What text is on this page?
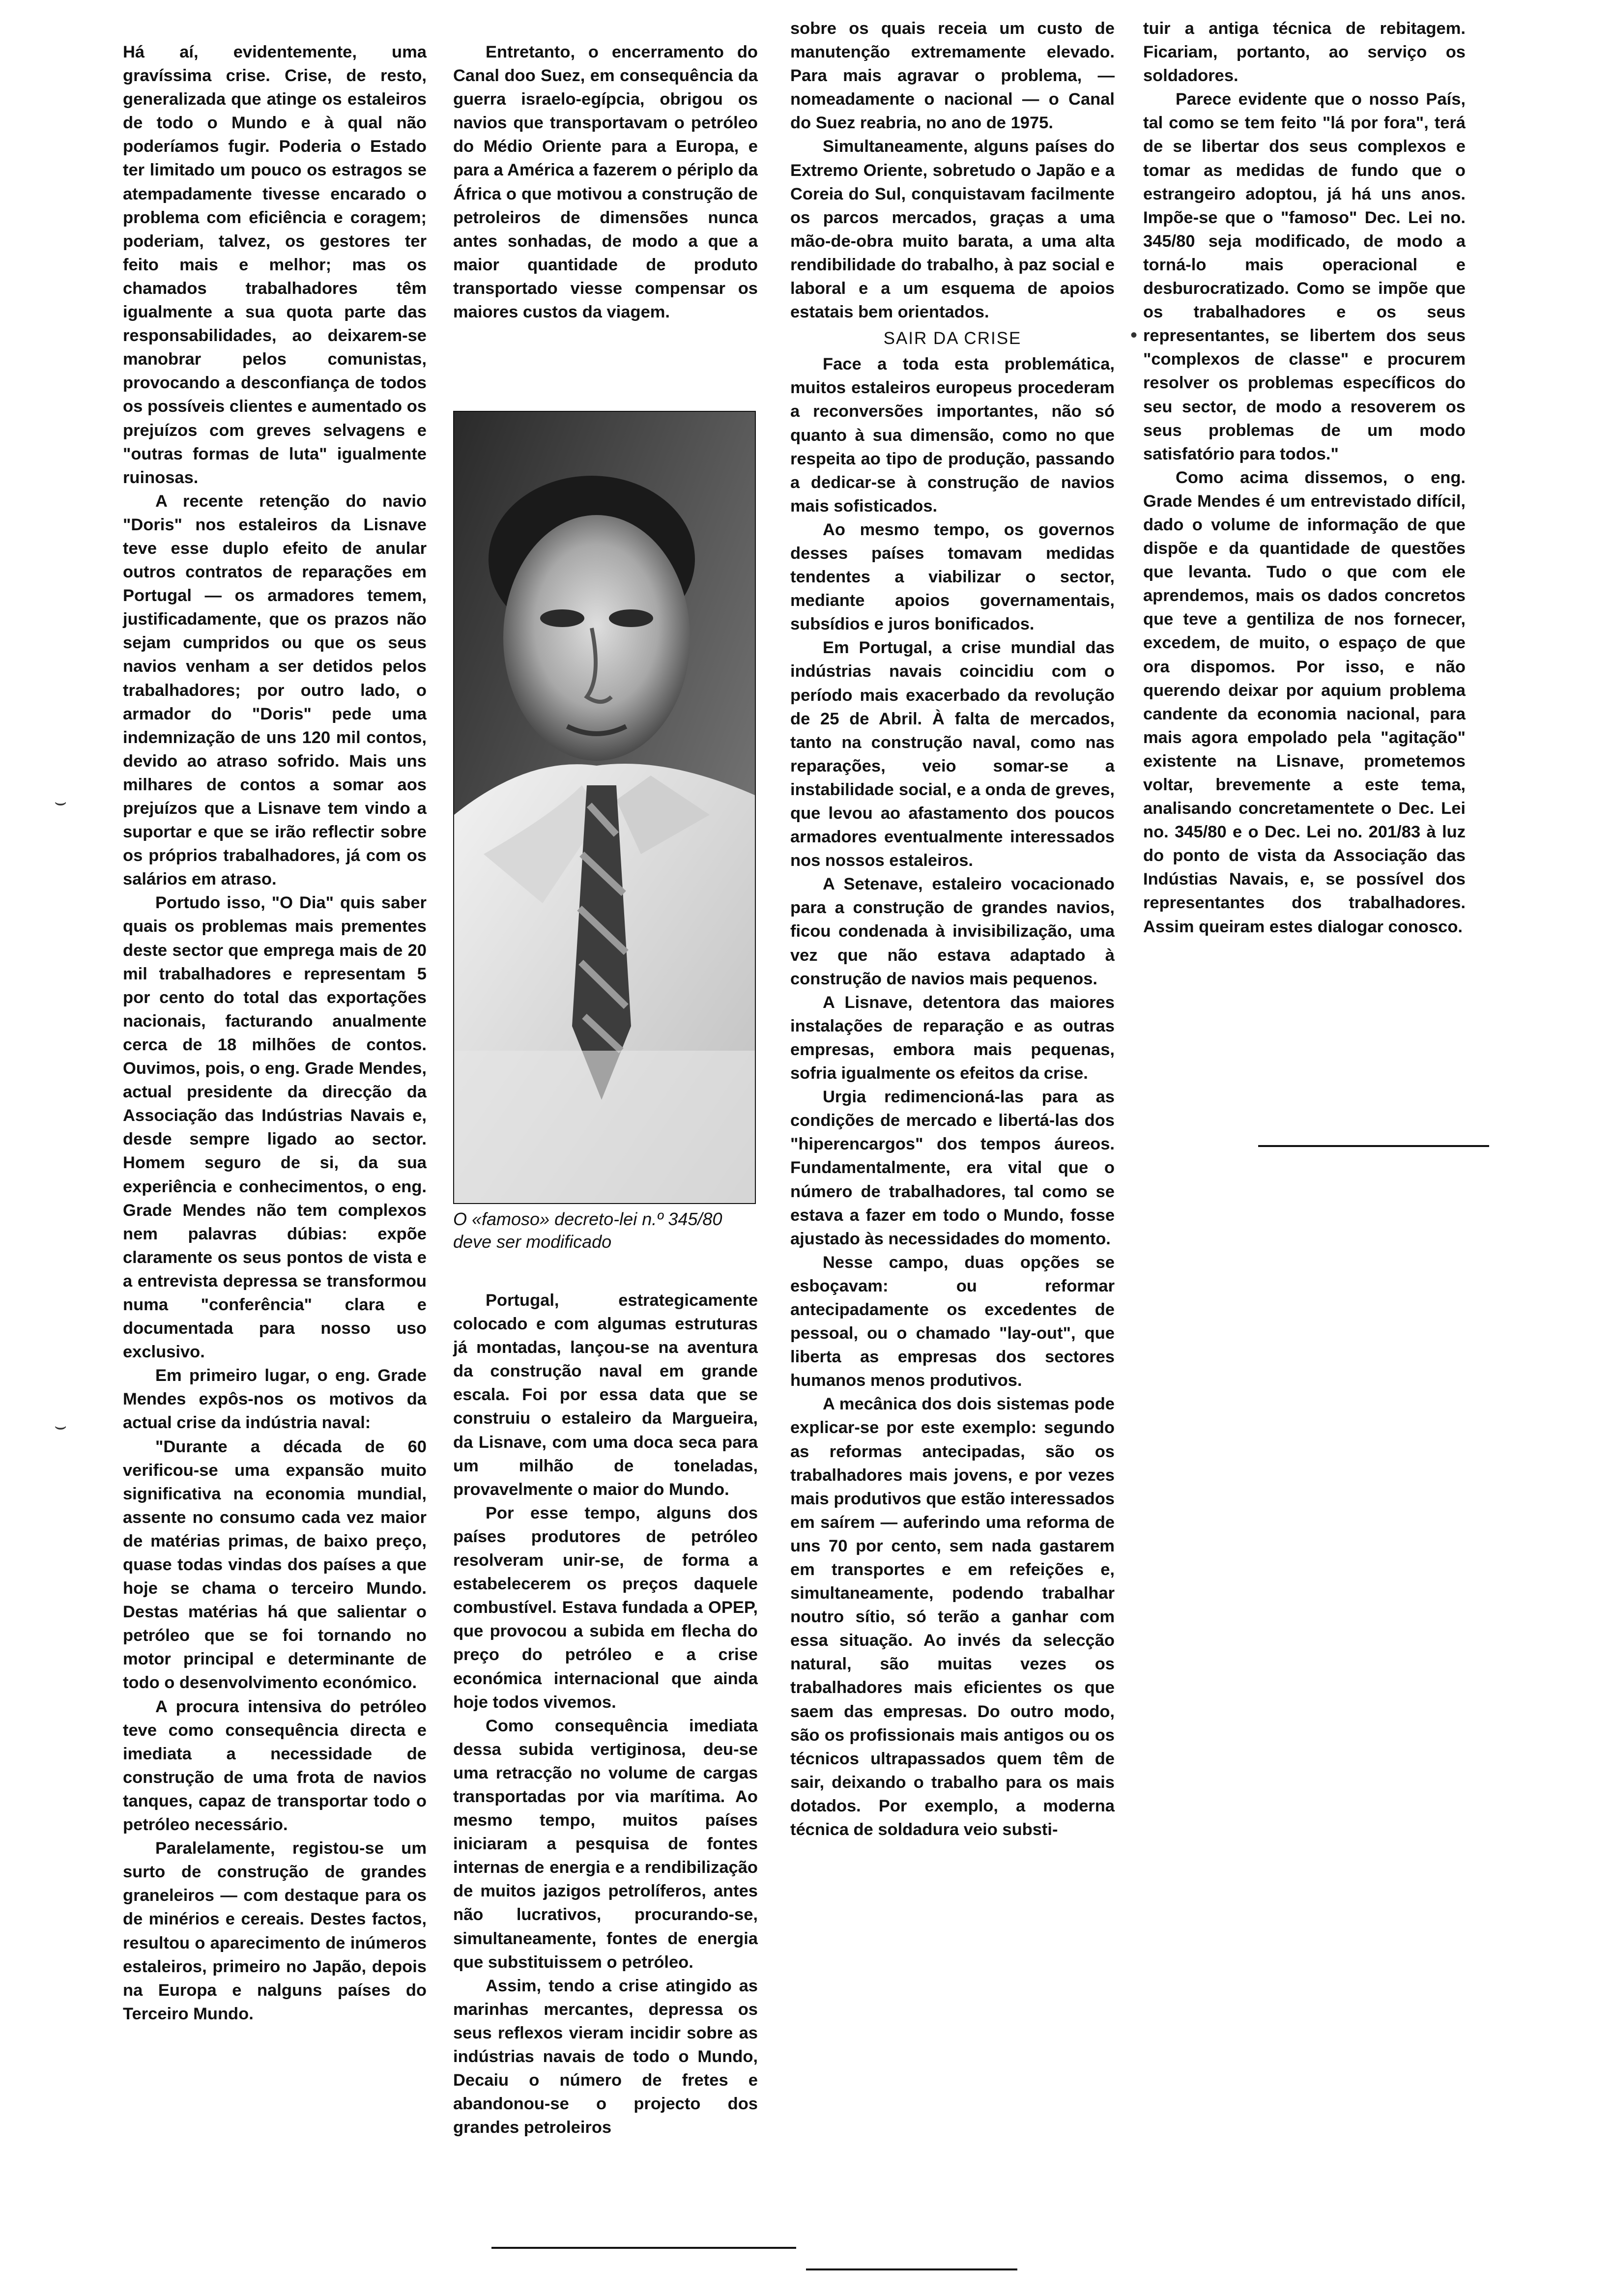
Há aí, evidentemente, uma gravíssima crise. Crise, de resto, generalizada que atinge os estaleiros de todo o Mundo e à qual não poderíamos fugir. Poderia o Estado ter limitado um pouco os estragos se atempadamente tivesse encarado o problema com eficiência e coragem; poderiam, talvez, os gestores ter feito mais e melhor; mas os chamados trabalhadores têm igualmente a sua quota parte das responsabilidades, ao deixarem-se manobrar pelos comunistas, provocando a desconfiança de todos os possíveis clientes e aumentado os prejuízos com greves selvagens e "outras formas de luta" igualmente ruinosas.

A recente retenção do navio "Doris" nos estaleiros da Lisnave teve esse duplo efeito de anular outros contratos de reparações em Portugal — os armadores temem, justificadamente, que os prazos não sejam cumpridos ou que os seus navios venham a ser detidos pelos trabalhadores; por outro lado, o armador do "Doris" pede uma indemnização de uns 120 mil contos, devido ao atraso sofrido. Mais uns milhares de contos a somar aos prejuízos que a Lisnave tem vindo a suportar e que se irão reflectir sobre os próprios trabalhadores, já com os salários em atraso.

Portudo isso, "O Dia" quis saber quais os problemas mais prementes deste sector que emprega mais de 20 mil trabalhadores e representam 5 por cento do total das exportações nacionais, facturando anualmente cerca de 18 milhões de contos. Ouvimos, pois, o eng. Grade Mendes, actual presidente da direcção da Associação das Indústrias Navais e, desde sempre ligado ao sector. Homem seguro de si, da sua experiência e conhecimentos, o eng. Grade Mendes não tem complexos nem palavras dúbias: expõe claramente os seus pontos de vista e a entrevista depressa se transformou numa "conferência" clara e documentada para nosso uso exclusivo.

Em primeiro lugar, o eng. Grade Mendes expôs-nos os motivos da actual crise da indústria naval:

"Durante a década de 60 verificou-se uma expansão muito significativa na economia mundial, assente no consumo cada vez maior de matérias primas, de baixo preço, quase todas vindas dos países a que hoje se chama o terceiro Mundo. Destas matérias há que salientar o petróleo que se foi tornando no motor principal e determinante de todo o desenvolvimento económico.

A procura intensiva do petróleo teve como consequência directa e imediata a necessidade de construção de uma frota de navios tanques, capaz de transportar todo o petróleo necessário.

Paralelamente, registou-se um surto de construção de grandes graneleiros — com destaque para os de minérios e cereais. Destes factos, resultou o aparecimento de inúmeros estaleiros, primeiro no Japão, depois na Europa e nalguns países do Terceiro Mundo.

Entretanto, o encerramento do Canal doo Suez, em consequência da guerra israelo-egípcia, obrigou os navios que transportavam o petróleo do Médio Oriente para a Europa, e para a América a fazerem o périplo da África o que motivou a construção de petroleiros de dimensões nunca antes sonhadas, de modo a que a maior quantidade de produto transportado viesse compensar os maiores custos da viagem.

O «famoso» decreto-lei n.º 345/80 deve ser modificado

Portugal, estrategicamente colocado e com algumas estruturas já montadas, lançou-se na aventura da construção naval em grande escala. Foi por essa data que se construiu o estaleiro da Margueira, da Lisnave, com uma doca seca para um milhão de toneladas, provavelmente o maior do Mundo.

Por esse tempo, alguns dos países produtores de petróleo resolveram unir-se, de forma a estabelecerem os preços daquele combustível. Estava fundada a OPEP, que provocou a subida em flecha do preço do petróleo e a crise económica internacional que ainda hoje todos vivemos.

Como consequência imediata dessa subida vertiginosa, deu-se uma retracção no volume de cargas transportadas por via marítima. Ao mesmo tempo, muitos países iniciaram a pesquisa de fontes internas de energia e a rendibilização de muitos jazigos petrolíferos, antes não lucrativos, procurando-se, simultaneamente, fontes de energia que substituissem o petróleo.

Assim, tendo a crise atingido as marinhas mercantes, depressa os seus reflexos vieram incidir sobre as indústrias navais de todo o Mundo, Decaiu o número de fretes e abandonou-se o projecto dos grandes petroleiros

sobre os quais receia um custo de manutenção extremamente elevado. Para mais agravar o problema, — nomeadamente o nacional — o Canal do Suez reabria, no ano de 1975.

Simultaneamente, alguns países do Extremo Oriente, sobretudo o Japão e a Coreia do Sul, conquistavam facilmente os parcos mercados, graças a uma mão-de-obra muito barata, a uma alta rendibilidade do trabalho, à paz social e laboral e a um esquema de apoios estatais bem orientados.

SAIR DA CRISE

Face a toda esta problemática, muitos estaleiros europeus procederam a reconversões importantes, não só quanto à sua dimensão, como no que respeita ao tipo de produção, passando a dedicar-se à construção de navios mais sofisticados.

Ao mesmo tempo, os governos desses países tomavam medidas tendentes a viabilizar o sector, mediante apoios governamentais, subsídios e juros bonificados.

Em Portugal, a crise mundial das indústrias navais coincidiu com o período mais exacerbado da revolução de 25 de Abril. À falta de mercados, tanto na construção naval, como nas reparações, veio somar-se a instabilidade social, e a onda de greves, que levou ao afastamento dos poucos armadores eventualmente interessados nos nossos estaleiros.

A Setenave, estaleiro vocacionado para a construção de grandes navios, ficou condenada à invisibilização, uma vez que não estava adaptado à construção de navios mais pequenos.

A Lisnave, detentora das maiores instalações de reparação e as outras empresas, embora mais pequenas, sofria igualmente os efeitos da crise.

Urgia redimencioná-las para as condições de mercado e libertá-las dos "hiperencargos" dos tempos áureos. Fundamentalmente, era vital que o número de trabalhadores, tal como se estava a fazer em todo o Mundo, fosse ajustado às necessidades do momento.

Nesse campo, duas opções se esboçavam: ou reformar antecipadamente os excedentes de pessoal, ou o chamado "lay-out", que liberta as empresas dos sectores humanos menos produtivos.

A mecânica dos dois sistemas pode explicar-se por este exemplo: segundo as reformas antecipadas, são os trabalhadores mais jovens, e por vezes mais produtivos que estão interessados em saírem — auferindo uma reforma de uns 70 por cento, sem nada gastarem em transportes e em refeições e, simultaneamente, podendo trabalhar noutro sítio, só terão a ganhar com essa situação. Ao invés da selecção natural, são muitas vezes os trabalhadores mais eficientes os que saem das empresas. Do outro modo, são os profissionais mais antigos ou os técnicos ultrapassados quem têm de sair, deixando o trabalho para os mais dotados. Por exemplo, a moderna técnica de soldadura veio substi-

tuir a antiga técnica de rebitagem. Ficariam, portanto, ao serviço os soldadores.

Parece evidente que o nosso País, tal como se tem feito "lá por fora", terá de se libertar dos seus complexos e tomar as medidas de fundo que o estrangeiro adoptou, já há uns anos. Impõe-se que o "famoso" Dec. Lei no. 345/80 seja modificado, de modo a torná-lo mais operacional e desburocratizado. Como se impõe que os trabalhadores e os seus representantes, se libertem dos seus "complexos de classe" e procurem resolver os problemas específicos do seu sector, de modo a resoverem os seus problemas de um modo satisfatório para todos."

Como acima dissemos, o eng. Grade Mendes é um entrevistado difícil, dado o volume de informação de que dispõe e da quantidade de questões que levanta. Tudo o que com ele aprendemos, mais os dados concretos que teve a gentiliza de nos fornecer, excedem, de muito, o espaço de que ora dispomos. Por isso, e não querendo deixar por aquium problema candente da economia nacional, para mais agora empolado pela "agitação" existente na Lisnave, prometemos voltar, brevemente a este tema, analisando concretamentete o Dec. Lei no. 345/80 e o Dec. Lei no. 201/83 à luz do ponto de vista da Associação das Indústias Navais, e, se possível dos representantes dos trabalhadores. Assim queiram estes dialogar conosco.

•
⌣
⌣
